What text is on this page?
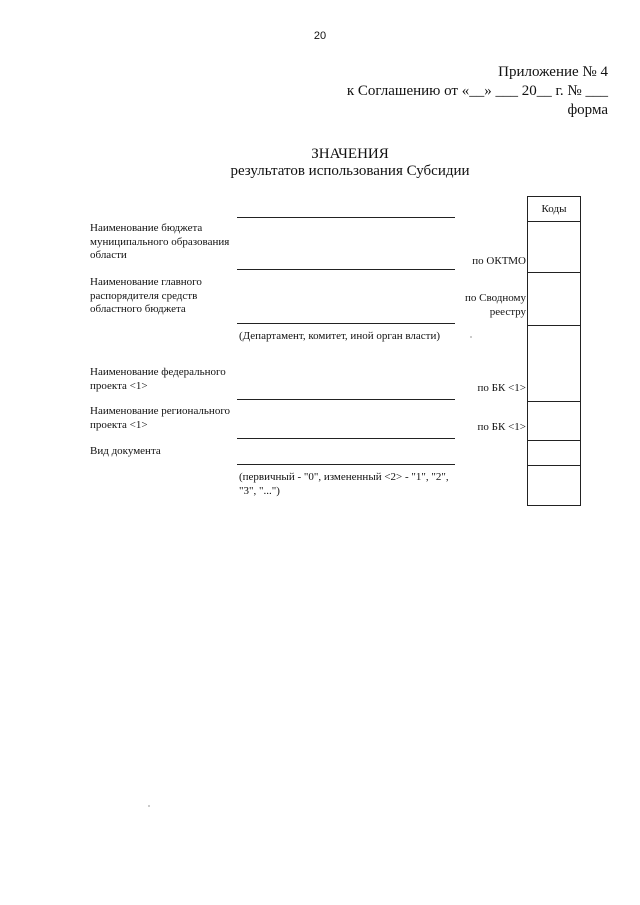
20
Приложение № 4
к Соглашению от «__» ___ 20__ г. № ___
форма
ЗНАЧЕНИЯ
результатов использования Субсидии
Наименование бюджета муниципального образования области
Наименование главного распорядителя средств областного бюджета
(Департамент, комитет, иной орган власти)
Наименование федерального проекта <1>
Наименование регионального проекта <1>
Вид документа
(первичный - "0", измененный <2> - "1", "2", "3", "...")
по ОКТМО
по Сводному
реестру
по БК <1>
по БК <1>
Коды
